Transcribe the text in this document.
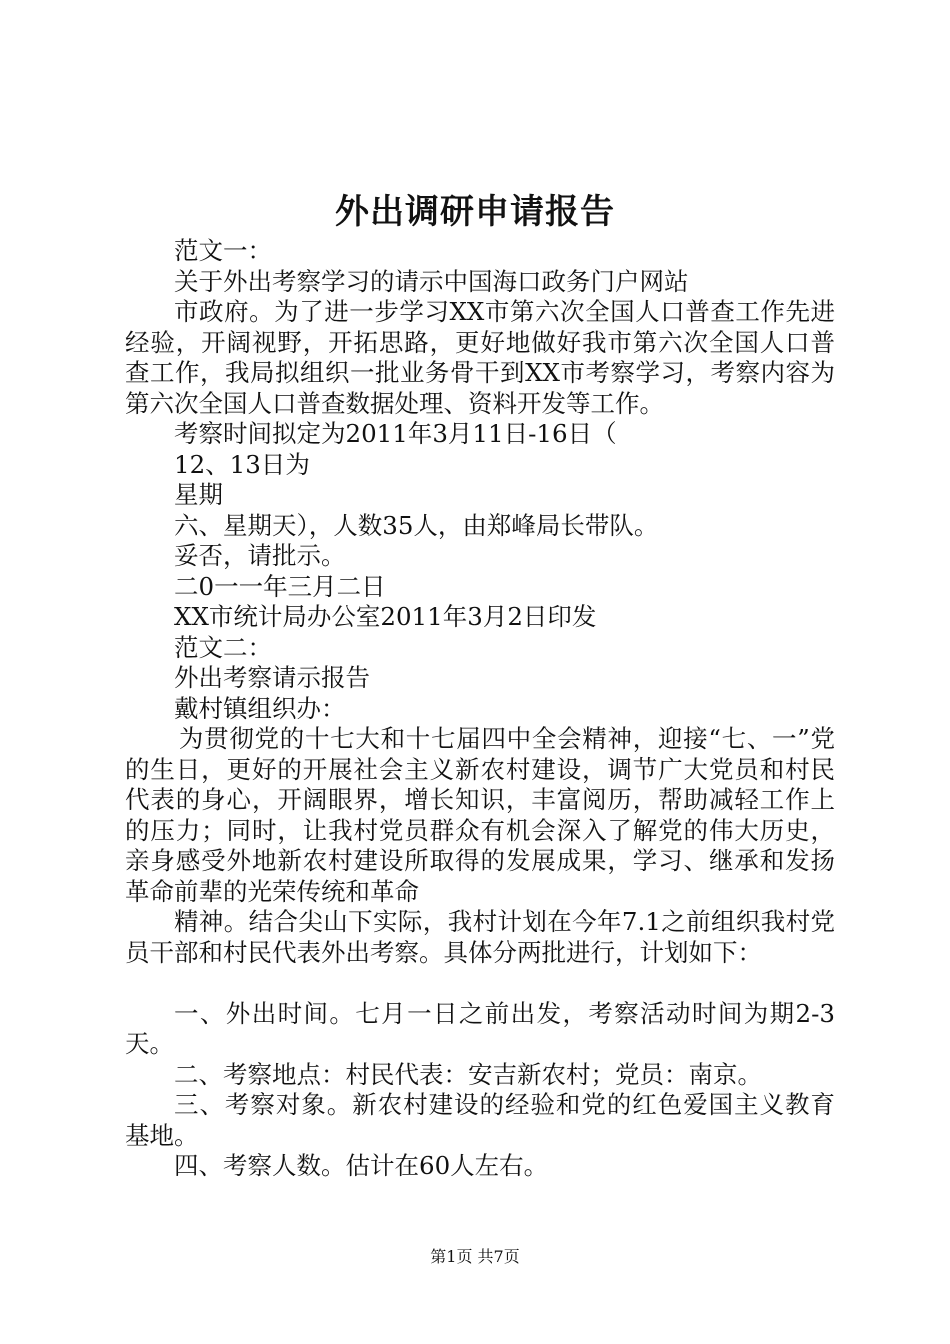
外出调研申请报告

范文一：

关于外出考察学习的请示中国海口政务门户网站

市政府。为了进一步学习XX市第六次全国人口普查工作先进经验，开阔视野，开拓思路，更好地做好我市第六次全国人口普查工作，我局拟组织一批业务骨干到XX市考察学习，考察内容为第六次全国人口普查数据处理、资料开发等工作。

考察时间拟定为2011年3月11日-16日（

12、13日为

星期

六、星期天），人数35人，由郑峰局长带队。

妥否，请批示。

二0一一年三月二日

XX市统计局办公室2011年3月2日印发

范文二：

外出考察请示报告

戴村镇组织办：

为贯彻党的十七大和十七届四中全会精神，迎接“七、一”党的生日，更好的开展社会主义新农村建设，调节广大党员和村民代表的身心，开阔眼界，增长知识，丰富阅历，帮助减轻工作上的压力；同时，让我村党员群众有机会深入了解党的伟大历史，亲身感受外地新农村建设所取得的发展成果，学习、继承和发扬革命前辈的光荣传统和革命

精神。结合尖山下实际，我村计划在今年7.1之前组织我村党员干部和村民代表外出考察。具体分两批进行，计划如下：

一、外出时间。七月一日之前出发，考察活动时间为期2-3天。

二、考察地点：村民代表：安吉新农村；党员：南京。

三、考察对象。新农村建设的经验和党的红色爱国主义教育基地。

四、考察人数。估计在60人左右。

第1页 共7页
